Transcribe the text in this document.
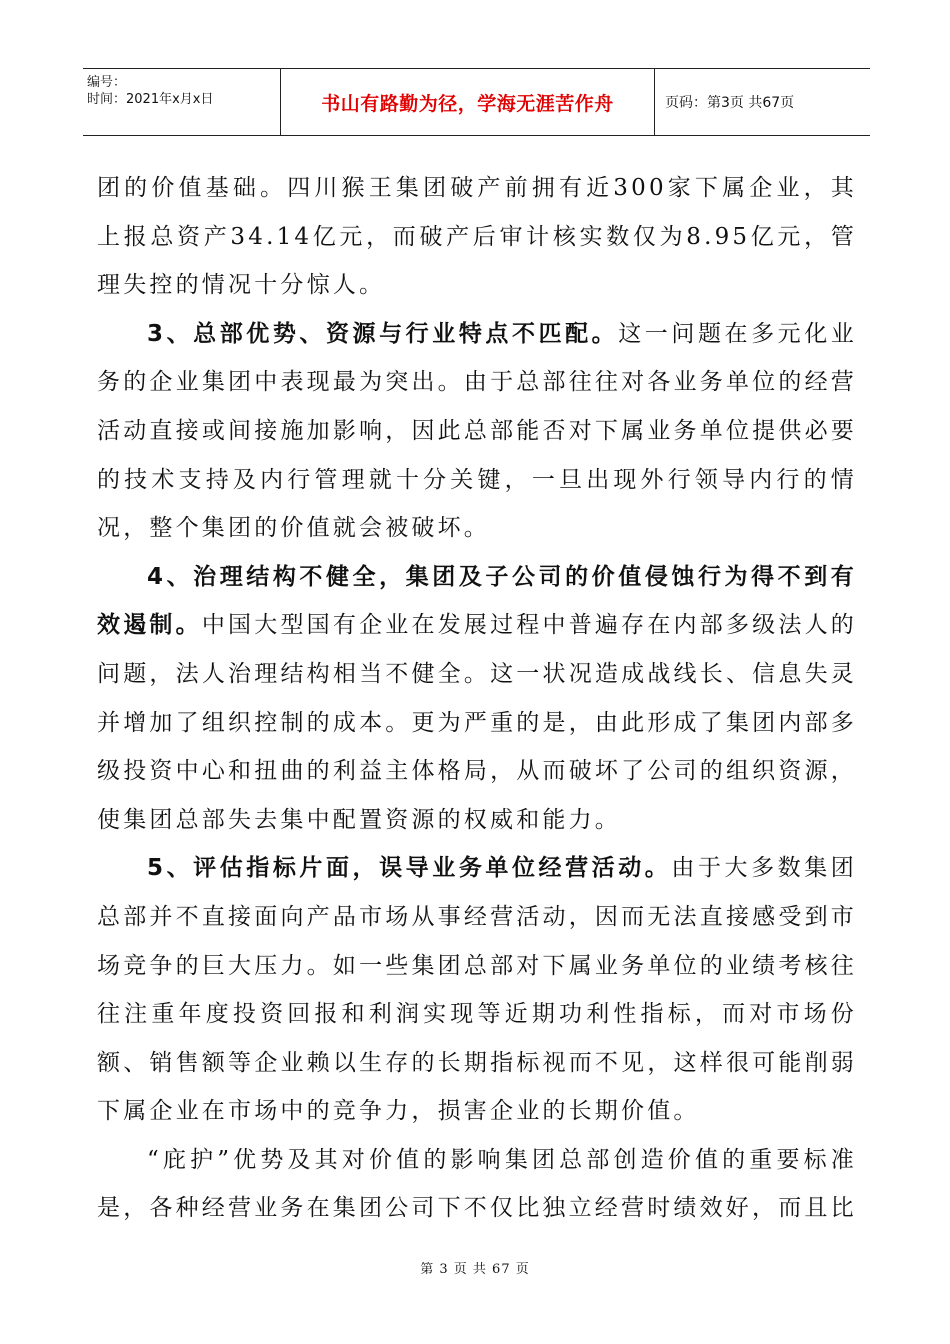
编号：
时间：2021年x月x日	书山有路勤为径，学海无涯苦作舟	页码：第3页 共67页

团的价值基础。四川猴王集团破产前拥有近300家下属企业，其上报总资产34.14亿元，而破产后审计核实数仅为8.95亿元，管理失控的情况十分惊人。

3、总部优势、资源与行业特点不匹配。这一问题在多元化业务的企业集团中表现最为突出。由于总部往往对各业务单位的经营活动直接或间接施加影响，因此总部能否对下属业务单位提供必要的技术支持及内行管理就十分关键，一旦出现外行领导内行的情况，整个集团的价值就会被破坏。

4、治理结构不健全，集团及子公司的价值侵蚀行为得不到有效遏制。中国大型国有企业在发展过程中普遍存在内部多级法人的问题，法人治理结构相当不健全。这一状况造成战线长、信息失灵并增加了组织控制的成本。更为严重的是，由此形成了集团内部多级投资中心和扭曲的利益主体格局，从而破坏了公司的组织资源，使集团总部失去集中配置资源的权威和能力。

5、评估指标片面，误导业务单位经营活动。由于大多数集团总部并不直接面向产品市场从事经营活动，因而无法直接感受到市场竞争的巨大压力。如一些集团总部对下属业务单位的业绩考核往往注重年度投资回报和利润实现等近期功利性指标，而对市场份额、销售额等企业赖以生存的长期指标视而不见，这样很可能削弱下属企业在市场中的竞争力，损害企业的长期价值。

“庇护”优势及其对价值的影响集团总部创造价值的重要标准是，各种经营业务在集团公司下不仅比独立经营时绩效好，而且比

第 3 页 共 67 页
